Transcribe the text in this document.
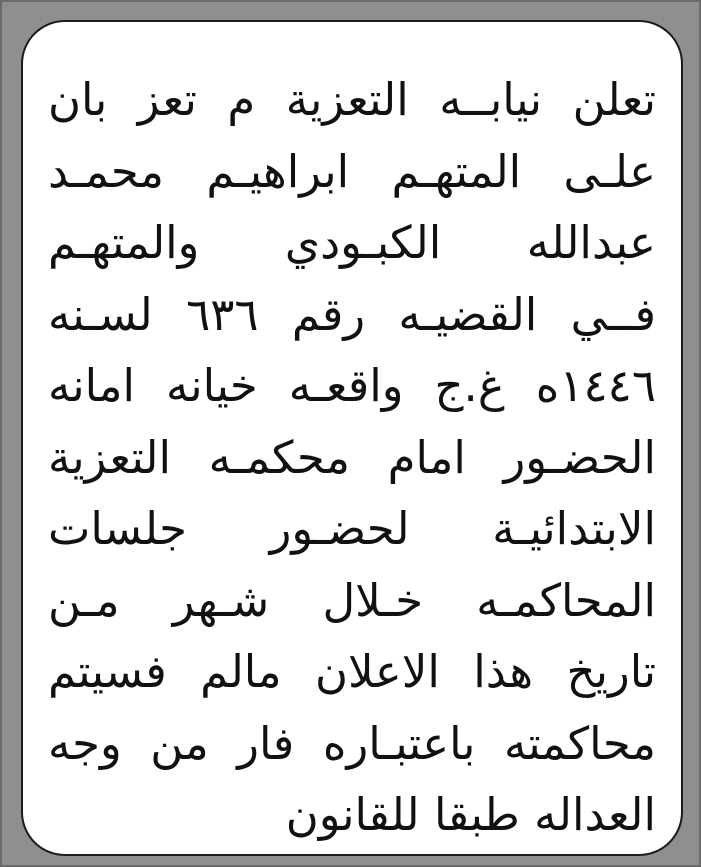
تعلن نيابــه التعزية م تعز بان
علـى المتهـم ابراهيـم محمـد
عبدالله الكبـودي والمتهـم
فــي القضيـه رقم ٦٣٦ لسـنه
١٤٤٦ه غ.ج واقعـه خيانه امانه
الحضـور امام محكمـه التعزية
الابتدائيـة لحضـور جلسات
المحاكمـه خـلال شـهر مـن
تاريخ هذا الاعلان مالم فسيتم
محاكمته باعتبـاره فار من وجه
العداله طبقا للقانون
